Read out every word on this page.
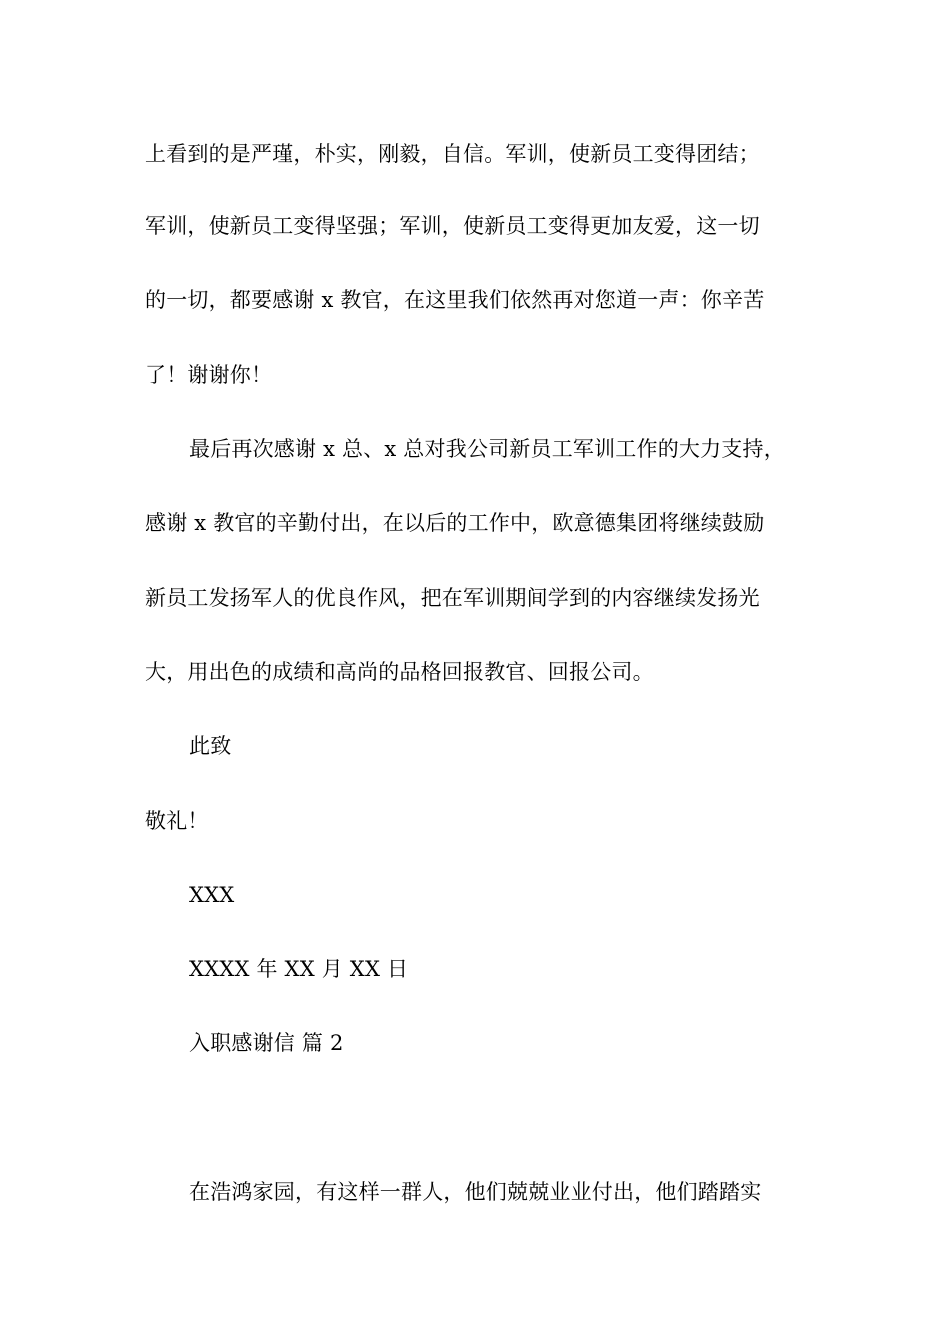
上看到的是严瑾，朴实，刚毅，自信。军训，使新员工变得团结；
军训，使新员工变得坚强；军训，使新员工变得更加友爱，这一切
的一切，都要感谢 x 教官，在这里我们依然再对您道一声：你辛苦
了！谢谢你！
最后再次感谢 x 总、x 总对我公司新员工军训工作的大力支持，
感谢 x 教官的辛勤付出，在以后的工作中，欧意德集团将继续鼓励
新员工发扬军人的优良作风，把在军训期间学到的内容继续发扬光
大，用出色的成绩和高尚的品格回报教官、回报公司。
此致
敬礼！
XXX
XXXX 年 XX 月 XX 日
入职感谢信 篇 2
在浩鸿家园，有这样一群人，他们兢兢业业付出，他们踏踏实
